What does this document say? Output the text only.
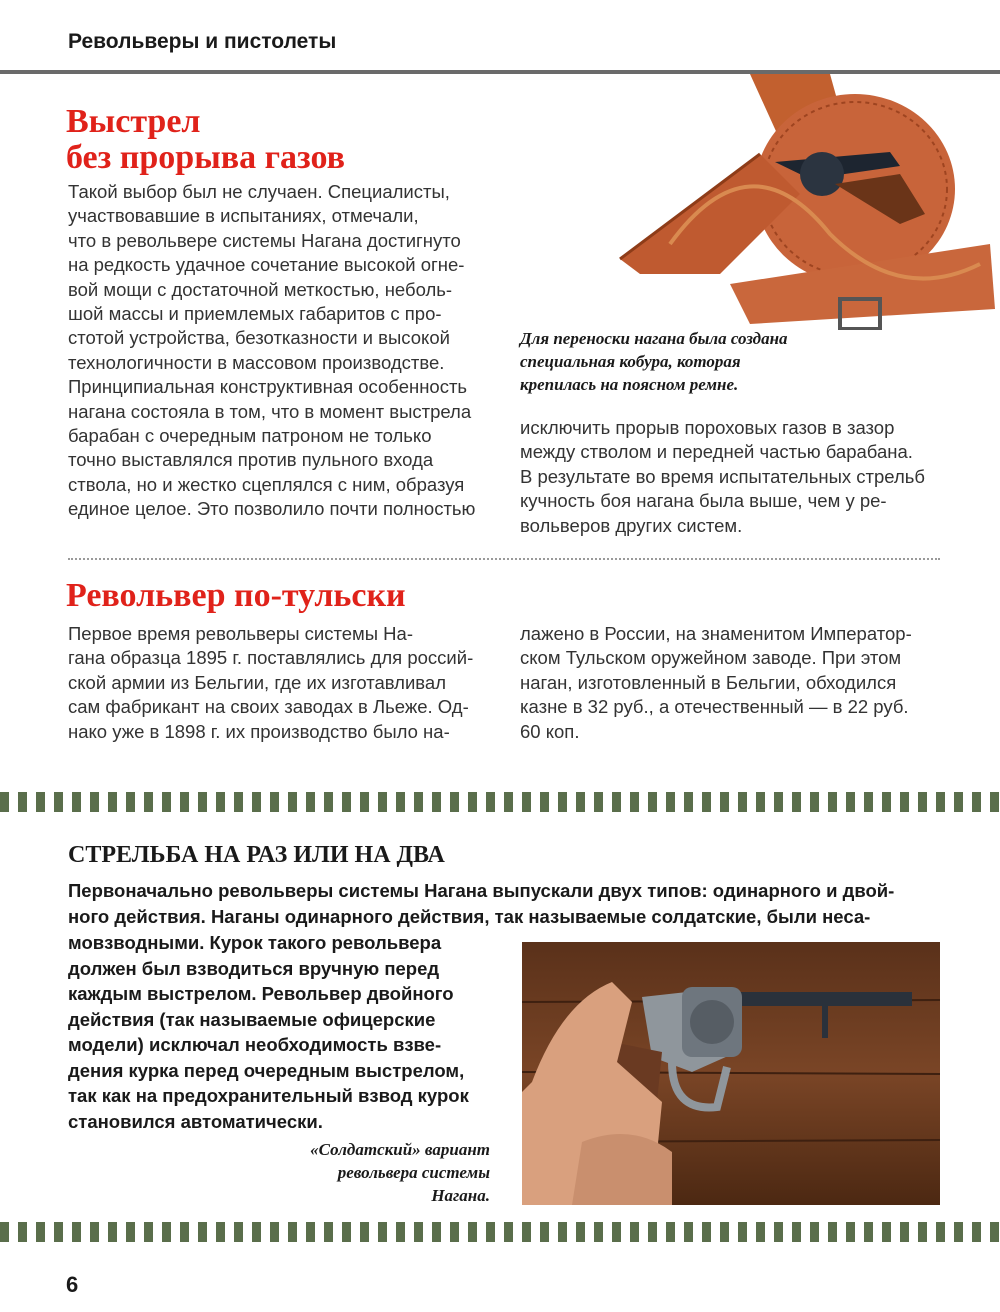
Револьверы и пистолеты
Выстрел
без прорыва газов
Такой выбор был не случаен. Специалисты,
участвовавшие в испытаниях, отмечали,
что в револьвере системы Нагана достигнуто
на редкость удачное сочетание высокой огне-
вой мощи с достаточной меткостью, неболь-
шой массы и приемлемых габаритов с про-
стотой устройства, безотказности и высокой
технологичности в массовом производстве.
Принципиальная конструктивная особенность
нагана состояла в том, что в момент выстрела
барабан с очередным патроном не только
точно выставлялся против пульного входа
ствола, но и жестко сцеплялся с ним, образуя
единое целое. Это позволило почти полностью
Для переноски нагана была создана
специальная кобура, которая
крепилась на поясном ремне.
исключить прорыв пороховых газов в зазор
между стволом и передней частью барабана.
В результате во время испытательных стрельб
кучность боя нагана была выше, чем у ре-
вольверов других систем.
Револьвер по-тульски
Первое время револьверы системы На-
гана образца 1895 г. поставлялись для россий-
ской армии из Бельгии, где их изготавливал
сам фабрикант на своих заводах в Льеже. Од-
нако уже в 1898 г. их производство было на-
лажено в России, на знаменитом Император-
ском Тульском оружейном заводе. При этом
наган, изготовленный в Бельгии, обходился
казне в 32 руб., а отечественный — в 22 руб.
60 коп.
СТРЕЛЬБА НА РАЗ ИЛИ НА ДВА
Первоначально револьверы системы Нагана выпускали двух типов: одинарного и двой-
ного действия. Наганы одинарного действия, так называемые солдатские, были неса-
мовзводными. Курок такого револьвера
должен был взводиться вручную перед
каждым выстрелом. Револьвер двойного
действия (так называемые офицерские
модели) исключал необходимость взве-
дения курка перед очередным выстрелом,
так как на предохранительный взвод курок
становился автоматически.
«Солдатский» вариант
револьвера системы
Нагана.
6
